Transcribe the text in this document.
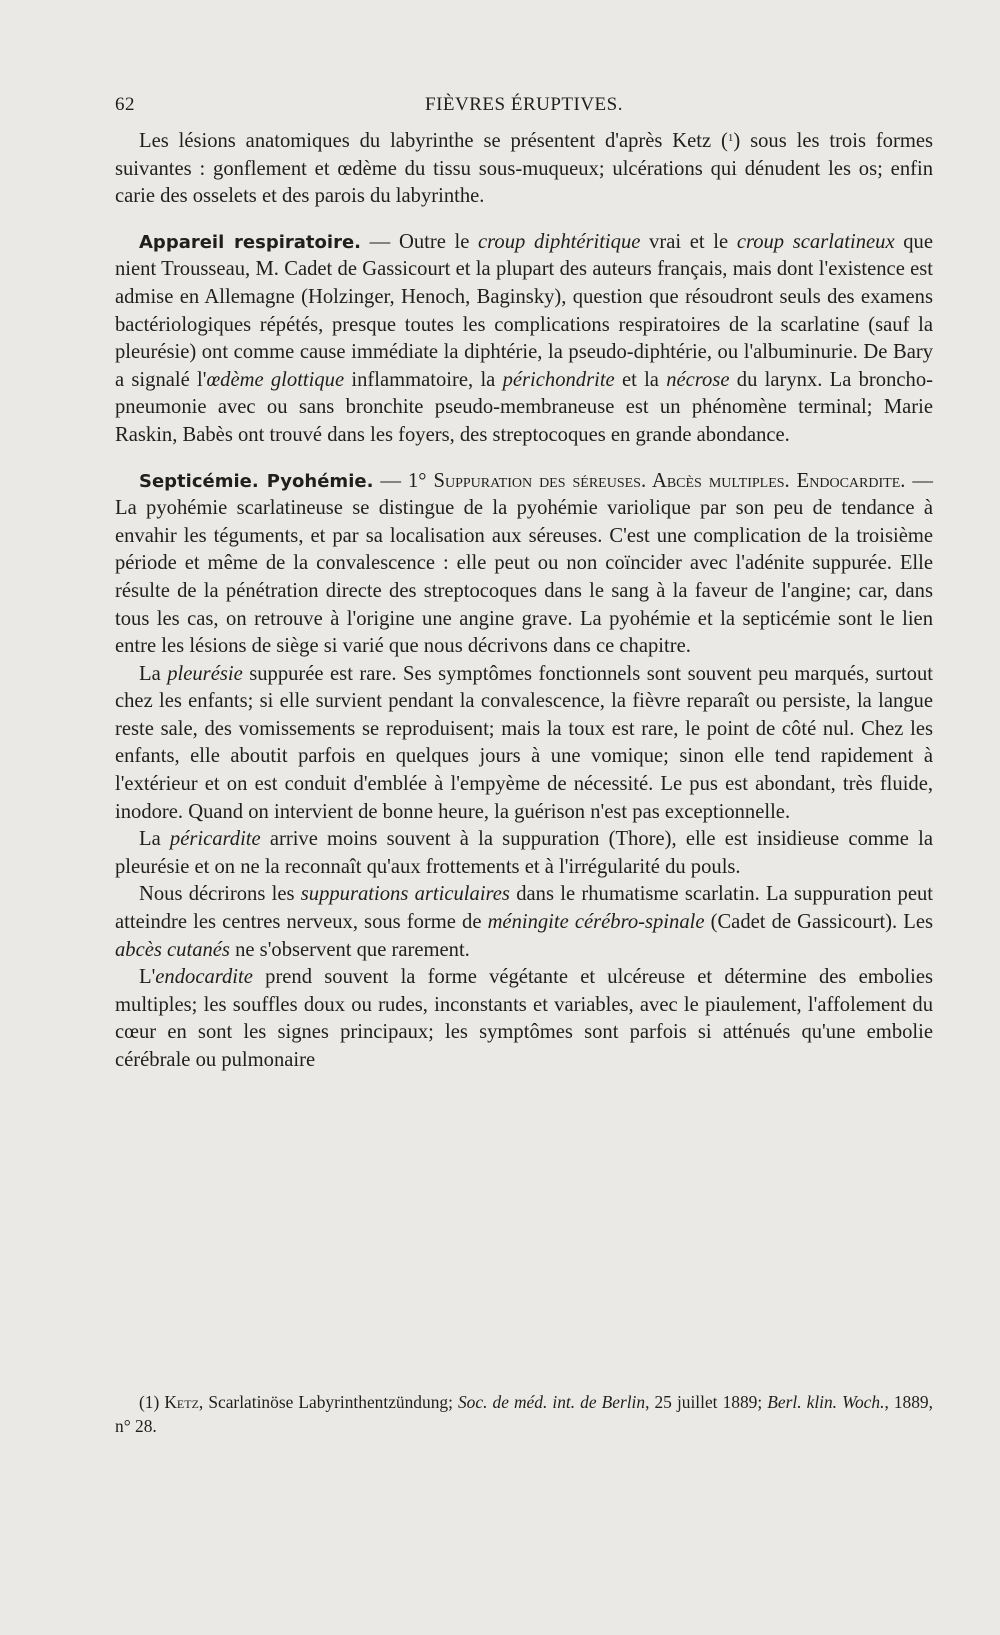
62	FIÈVRES ÉRUPTIVES.

Les lésions anatomiques du labyrinthe se présentent d'après Ketz ($^1$) sous les trois formes suivantes : gonflement et œdème du tissu sous-muqueux; ulcérations qui dénudent les os; enfin carie des osselets et des parois du labyrinthe.

Appareil respiratoire. — Outre le croup diphtéritique vrai et le croup scarlatineux que nient Trousseau, M. Cadet de Gassicourt et la plupart des auteurs français, mais dont l'existence est admise en Allemagne (Holzinger, Henoch, Baginsky), question que résoudront seuls des examens bactériologiques répétés, presque toutes les complications respiratoires de la scarlatine (sauf la pleurésie) ont comme cause immédiate la diphtérie, la pseudo-diphtérie, ou l'albuminurie. De Bary a signalé l'œdème glottique inflammatoire, la périchondrite et la nécrose du larynx. La broncho-pneumonie avec ou sans bronchite pseudo-membraneuse est un phénomène terminal; Marie Raskin, Babès ont trouvé dans les foyers, des streptocoques en grande abondance.

Septicémie. Pyohémie. — 1° Suppuration des séreuses. Abcès multiples. Endocardite. — La pyohémie scarlatineuse se distingue de la pyohémie variolique par son peu de tendance à envahir les téguments, et par sa localisation aux séreuses. C'est une complication de la troisième période et même de la convalescence : elle peut ou non coïncider avec l'adénite suppurée. Elle résulte de la pénétration directe des streptocoques dans le sang à la faveur de l'angine; car, dans tous les cas, on retrouve à l'origine une angine grave. La pyohémie et la septicémie sont le lien entre les lésions de siège si varié que nous décrivons dans ce chapitre.

La pleurésie suppurée est rare. Ses symptômes fonctionnels sont souvent peu marqués, surtout chez les enfants; si elle survient pendant la convalescence, la fièvre reparaît ou persiste, la langue reste sale, des vomissements se reproduisent; mais la toux est rare, le point de côté nul. Chez les enfants, elle aboutit parfois en quelques jours à une vomique; sinon elle tend rapidement à l'extérieur et on est conduit d'emblée à l'empyème de nécessité. Le pus est abondant, très fluide, inodore. Quand on intervient de bonne heure, la guérison n'est pas exceptionnelle.

La péricardite arrive moins souvent à la suppuration (Thore), elle est insidieuse comme la pleurésie et on ne la reconnaît qu'aux frottements et à l'irrégularité du pouls.

Nous décrirons les suppurations articulaires dans le rhumatisme scarlatin. La suppuration peut atteindre les centres nerveux, sous forme de méningite cérébro-spinale (Cadet de Gassicourt). Les abcès cutanés ne s'observent que rarement.

L'endocardite prend souvent la forme végétante et ulcéreuse et détermine des embolies multiples; les souffles doux ou rudes, inconstants et variables, avec le piaulement, l'affolement du cœur en sont les signes principaux; les symptômes sont parfois si atténués qu'une embolie cérébrale ou pulmonaire

(1) Ketz, Scarlatinöse Labyrinthentzündung; Soc. de méd. int. de Berlin, 25 juillet 1889; Berl. klin. Woch., 1889, n° 28.
